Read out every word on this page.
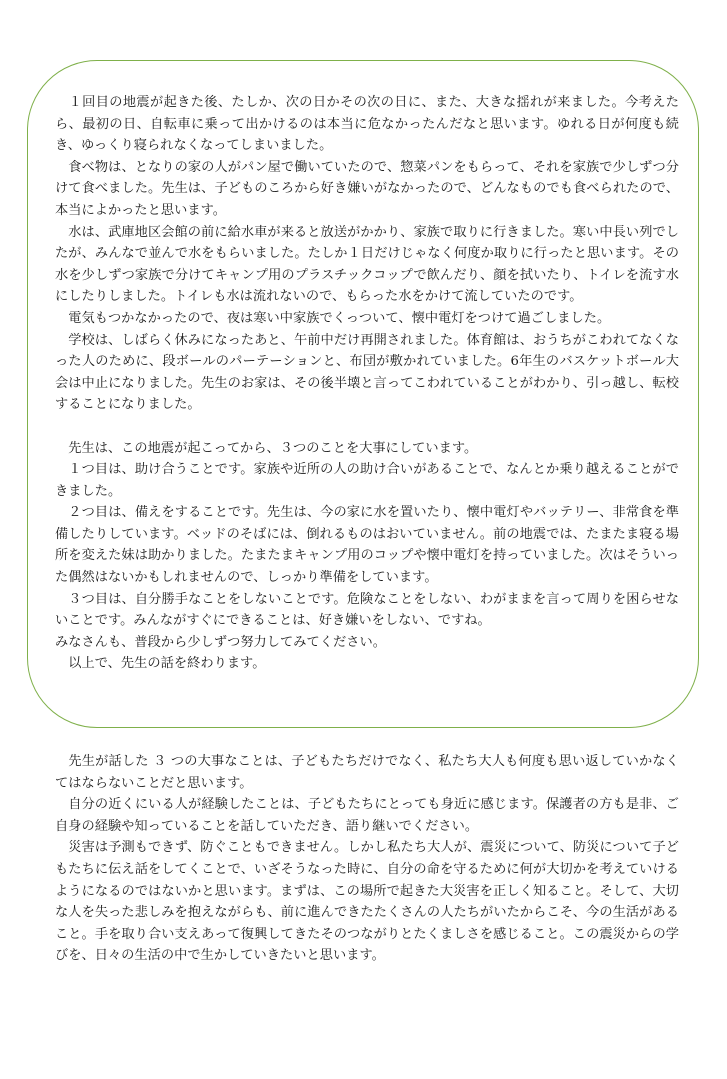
　１回目の地震が起きた後、たしか、次の日かその次の日に、また、大きな揺れが来ました。今考えたら、最初の日、自転車に乗って出かけるのは本当に危なかったんだなと思います。ゆれる日が何度も続き、ゆっくり寝られなくなってしまいました。

　食べ物は、となりの家の人がパン屋で働いていたので、惣菜パンをもらって、それを家族で少しずつ分けて食べました。先生は、子どものころから好き嫌いがなかったので、どんなものでも食べられたので、本当によかったと思います。

　水は、武庫地区会館の前に給水車が来ると放送がかかり、家族で取りに行きました。寒い中長い列でしたが、みんなで並んで水をもらいました。たしか１日だけじゃなく何度か取りに行ったと思います。その水を少しずつ家族で分けてキャンプ用のプラスチックコップで飲んだり、顔を拭いたり、トイレを流す水にしたりしました。トイレも水は流れないので、もらった水をかけて流していたのです。

　電気もつかなかったので、夜は寒い中家族でくっついて、懐中電灯をつけて過ごしました。

　学校は、しばらく休みになったあと、午前中だけ再開されました。体育館は、おうちがこわれてなくなった人のために、段ボールのパーテーションと、布団が敷かれていました。6年生のバスケットボール大会は中止になりました。先生のお家は、その後半壊と言ってこわれていることがわかり、引っ越し、転校することになりました。

　先生は、この地震が起こってから、３つのことを大事にしています。

　１つ目は、助け合うことです。家族や近所の人の助け合いがあることで、なんとか乗り越えることができました。

　２つ目は、備えをすることです。先生は、今の家に水を置いたり、懐中電灯やバッテリー、非常食を準備したりしています。ベッドのそばには、倒れるものはおいていません。前の地震では、たまたま寝る場所を変えた妹は助かりました。たまたまキャンプ用のコップや懐中電灯を持っていました。次はそういった偶然はないかもしれませんので、しっかり準備をしています。

　３つ目は、自分勝手なことをしないことです。危険なことをしない、わがままを言って周りを困らせないことです。みんながすぐにできることは、好き嫌いをしない、ですね。

みなさんも、普段から少しずつ努力してみてください。

　以上で、先生の話を終わります。

　先生が話した ３ つの大事なことは、子どもたちだけでなく、私たち大人も何度も思い返していかなくてはならないことだと思います。

　自分の近くにいる人が経験したことは、子どもたちにとっても身近に感じます。保護者の方も是非、ご自身の経験や知っていることを話していただき、語り継いでください。

　災害は予測もできず、防ぐこともできません。しかし私たち大人が、震災について、防災について子どもたちに伝え話をしてくことで、いざそうなった時に、自分の命を守るために何が大切かを考えていけるようになるのではないかと思います。まずは、この場所で起きた大災害を正しく知ること。そして、大切な人を失った悲しみを抱えながらも、前に進んできたたくさんの人たちがいたからこそ、今の生活があること。手を取り合い支えあって復興してきたそのつながりとたくましさを感じること。この震災からの学びを、日々の生活の中で生かしていきたいと思います。
